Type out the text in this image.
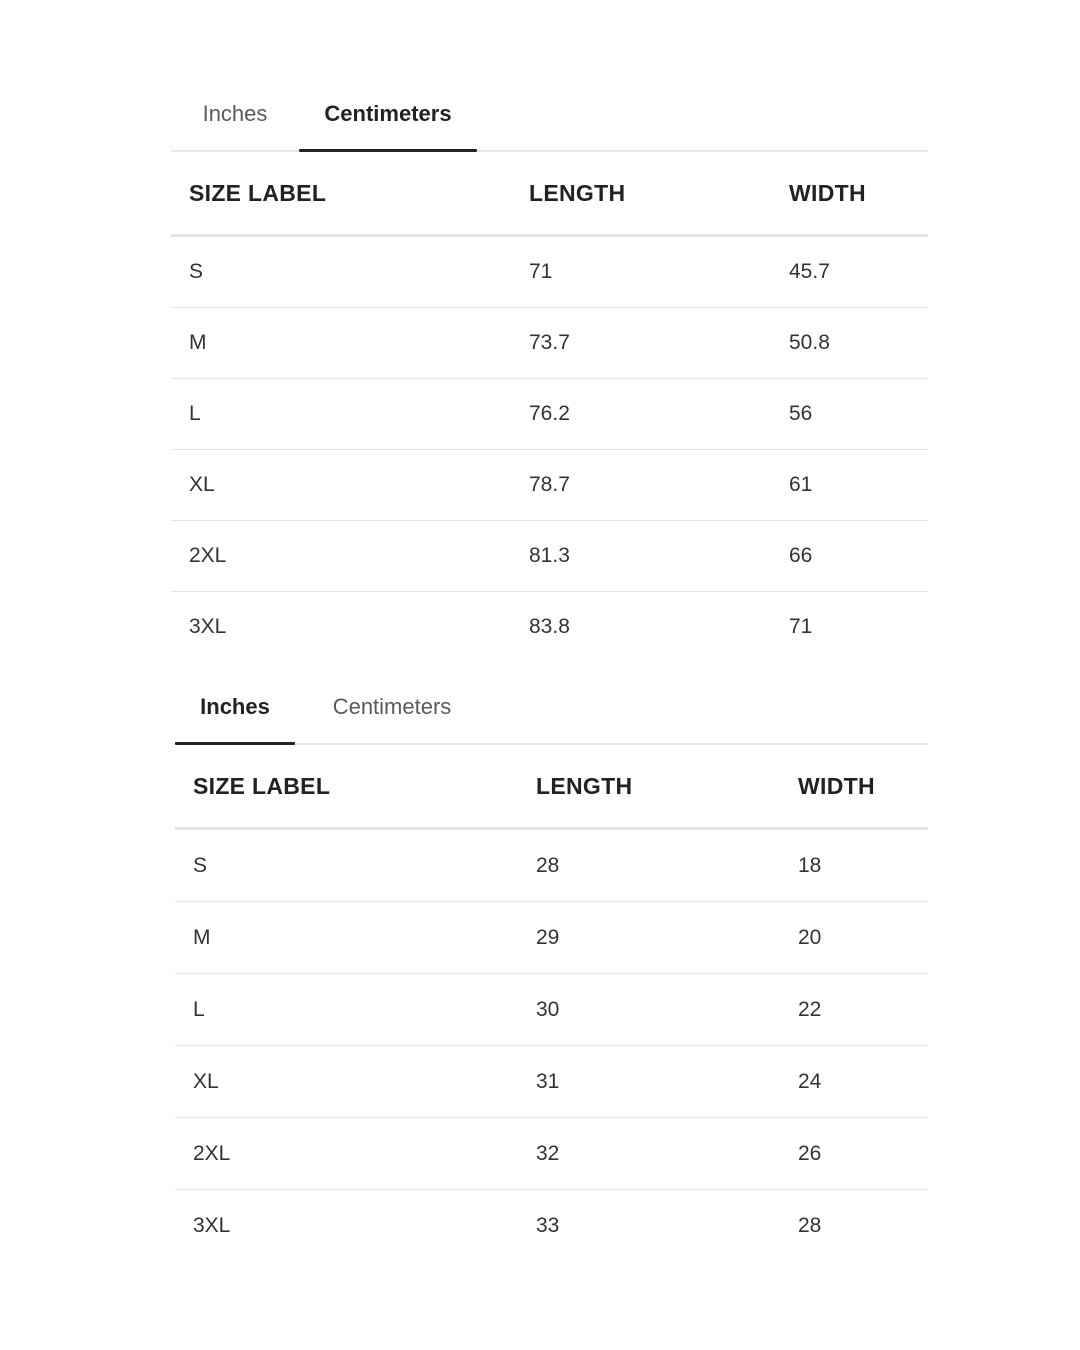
Inches	Centimeters
SIZE LABEL	LENGTH	WIDTH
S	71	45.7
M	73.7	50.8
L	76.2	56
XL	78.7	61
2XL	81.3	66
3XL	83.8	71
Inches	Centimeters
SIZE LABEL	LENGTH	WIDTH
S	28	18
M	29	20
L	30	22
XL	31	24
2XL	32	26
3XL	33	28
